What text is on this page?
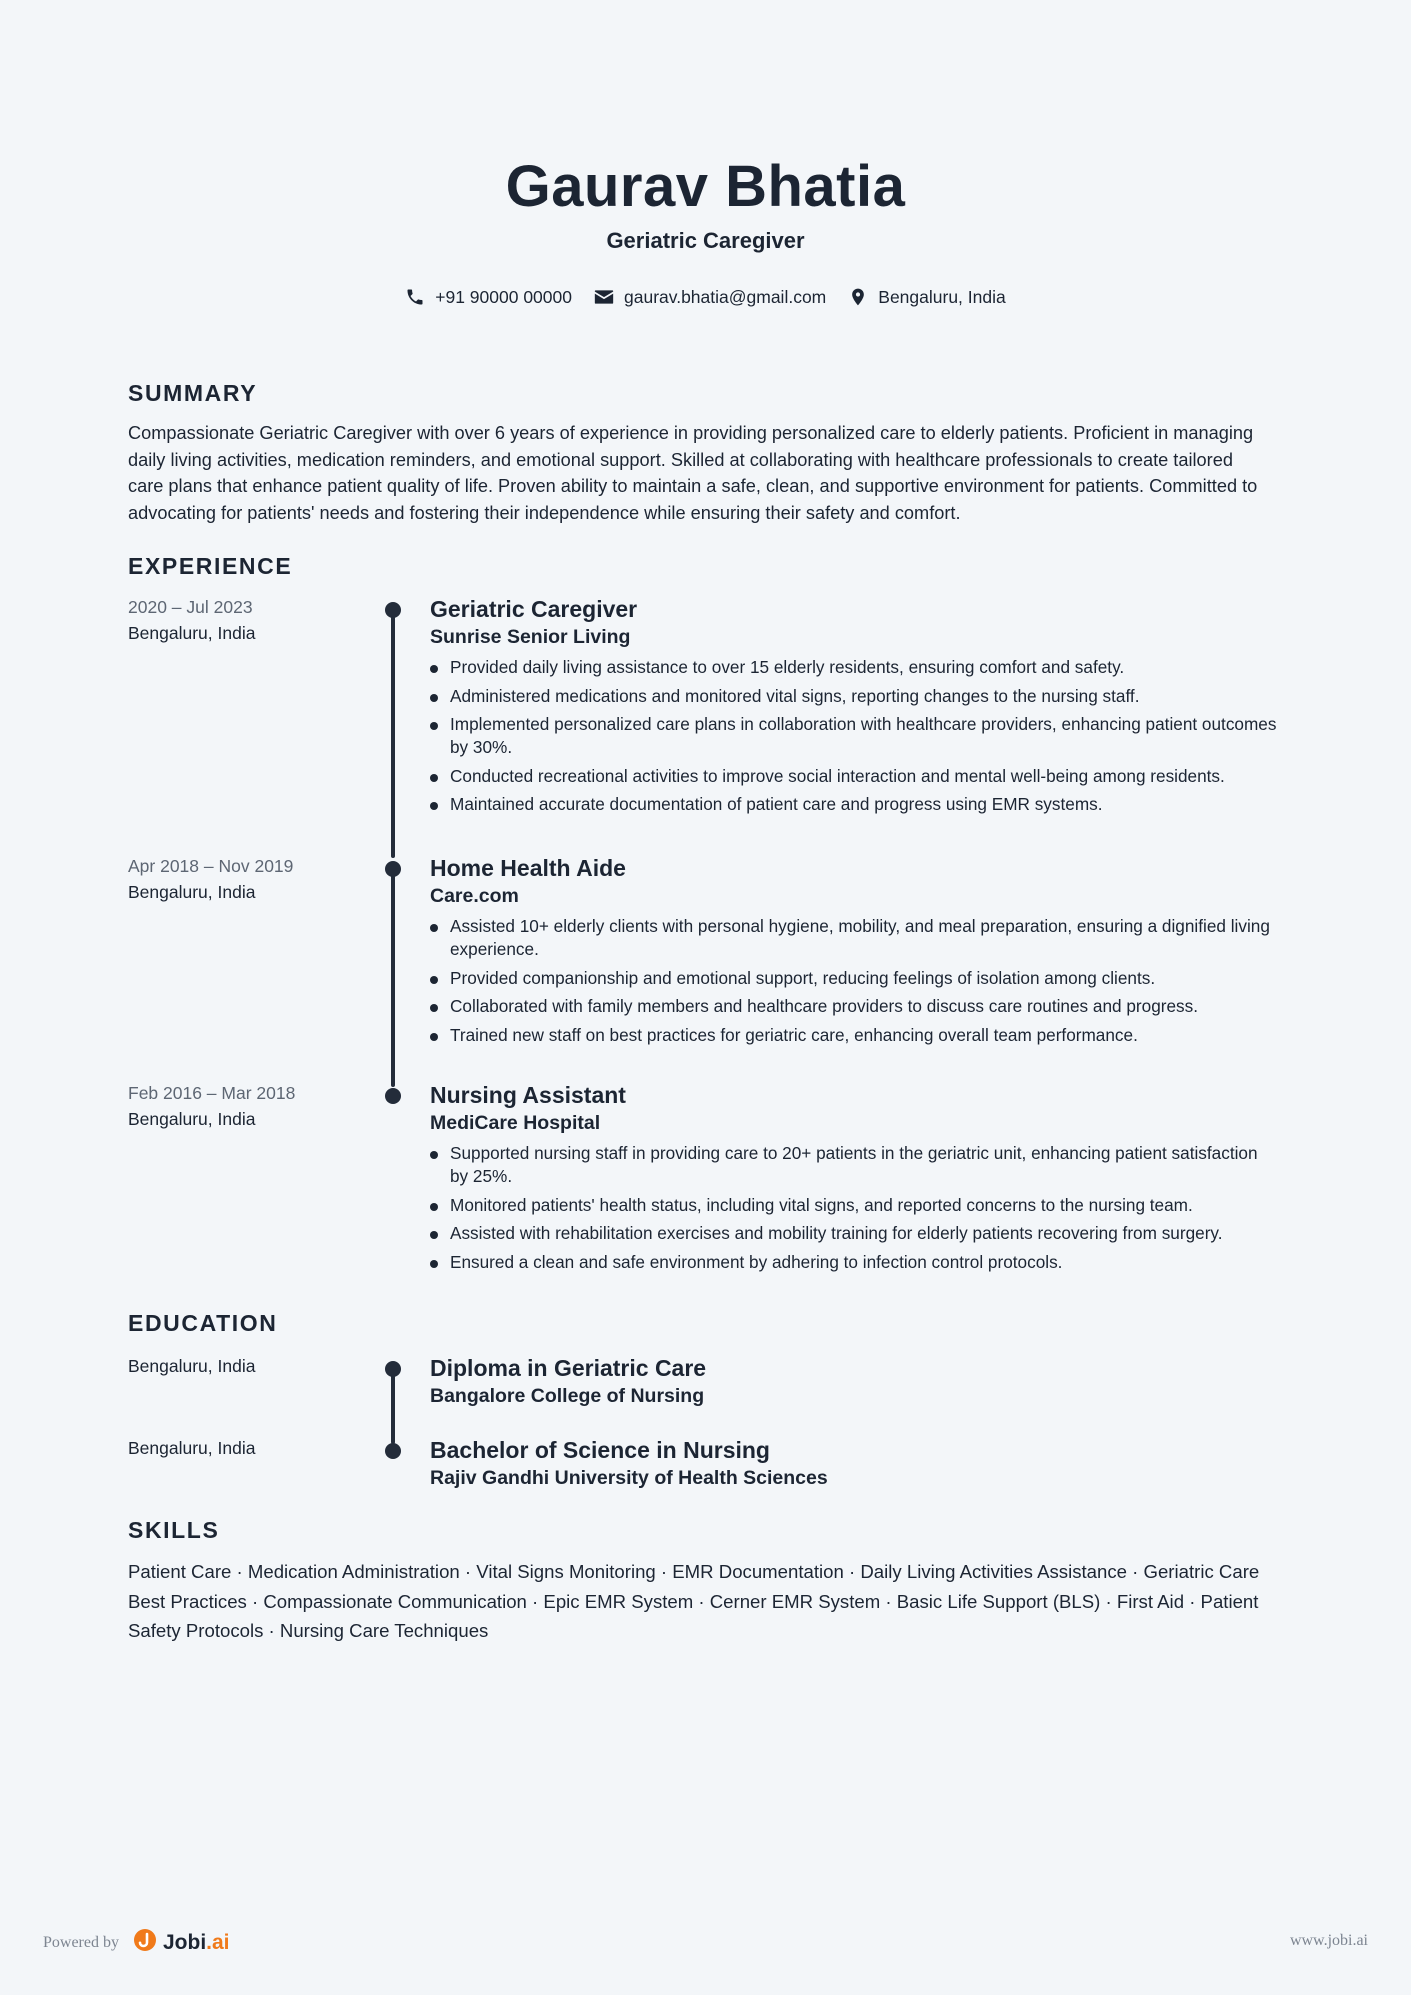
Gaurav Bhatia
Geriatric Caregiver
+91 90000 00000	gaurav.bhatia@gmail.com	Bengaluru, India
SUMMARY
Compassionate Geriatric Caregiver with over 6 years of experience in providing personalized care to elderly patients. Proficient in managing daily living activities, medication reminders, and emotional support. Skilled at collaborating with healthcare professionals to create tailored care plans that enhance patient quality of life. Proven ability to maintain a safe, clean, and supportive environment for patients. Committed to advocating for patients' needs and fostering their independence while ensuring their safety and comfort.
EXPERIENCE
2020 – Jul 2023
Bengaluru, India
Geriatric Caregiver
Sunrise Senior Living
Provided daily living assistance to over 15 elderly residents, ensuring comfort and safety.
Administered medications and monitored vital signs, reporting changes to the nursing staff.
Implemented personalized care plans in collaboration with healthcare providers, enhancing patient outcomes by 30%.
Conducted recreational activities to improve social interaction and mental well-being among residents.
Maintained accurate documentation of patient care and progress using EMR systems.
Apr 2018 – Nov 2019
Bengaluru, India
Home Health Aide
Care.com
Assisted 10+ elderly clients with personal hygiene, mobility, and meal preparation, ensuring a dignified living experience.
Provided companionship and emotional support, reducing feelings of isolation among clients.
Collaborated with family members and healthcare providers to discuss care routines and progress.
Trained new staff on best practices for geriatric care, enhancing overall team performance.
Feb 2016 – Mar 2018
Bengaluru, India
Nursing Assistant
MediCare Hospital
Supported nursing staff in providing care to 20+ patients in the geriatric unit, enhancing patient satisfaction by 25%.
Monitored patients' health status, including vital signs, and reported concerns to the nursing team.
Assisted with rehabilitation exercises and mobility training for elderly patients recovering from surgery.
Ensured a clean and safe environment by adhering to infection control protocols.
EDUCATION
Bengaluru, India	Diploma in Geriatric Care
Bangalore College of Nursing
Bengaluru, India	Bachelor of Science in Nursing
Rajiv Gandhi University of Health Sciences
SKILLS
Patient Care · Medication Administration · Vital Signs Monitoring · EMR Documentation · Daily Living Activities Assistance · Geriatric Care Best Practices · Compassionate Communication · Epic EMR System · Cerner EMR System · Basic Life Support (BLS) · First Aid · Patient Safety Protocols · Nursing Care Techniques
Powered by Jobi.ai	www.jobi.ai
